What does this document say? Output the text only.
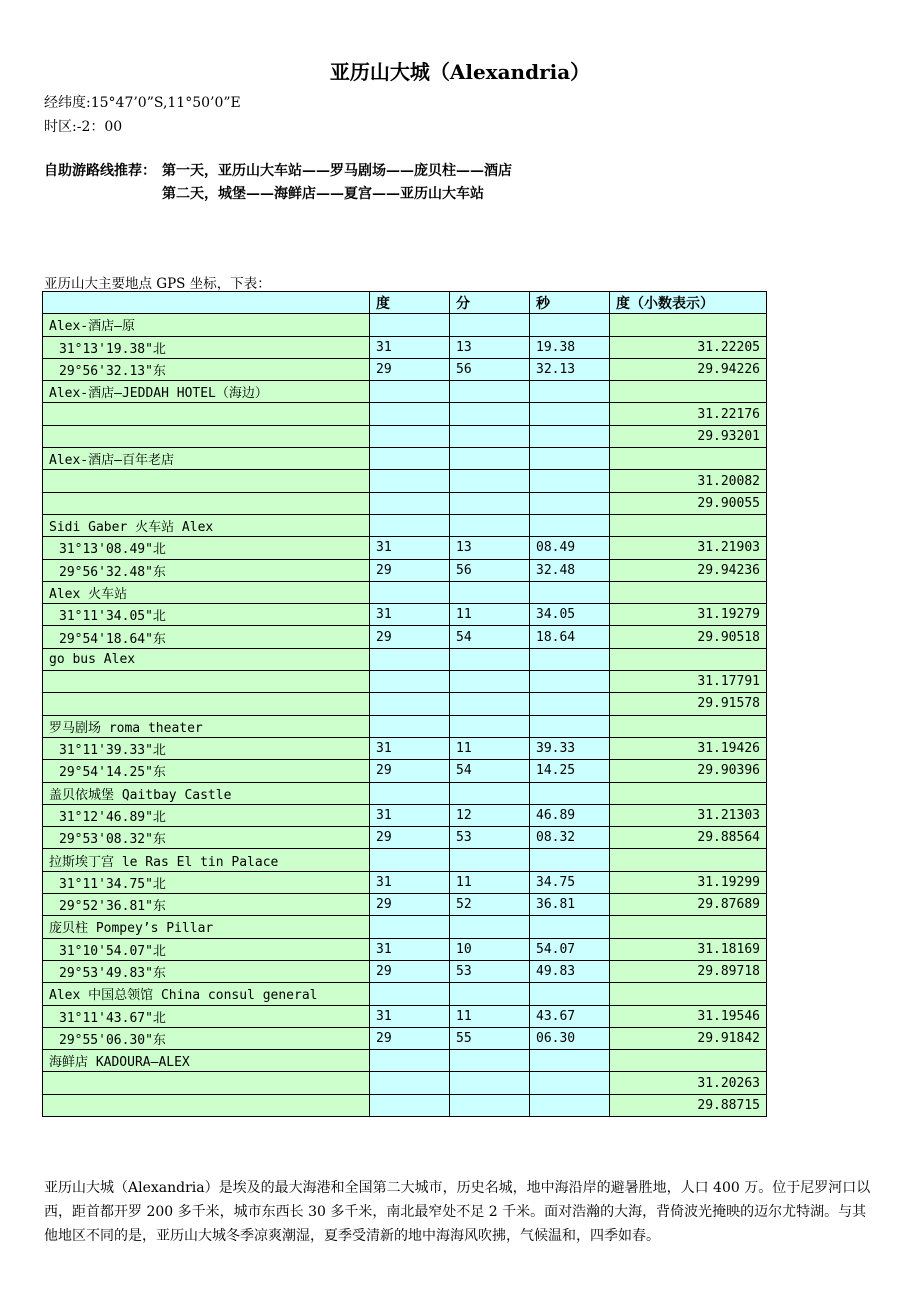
亚历山大城（Alexandria）
经纬度:15°47’0”S,11°50’0”E
时区:-2：00
自助游路线推荐： 第一天，亚历山大车站——罗马剧场——庞贝柱——酒店
第二天，城堡——海鲜店——夏宫——亚历山大车站
亚历山大主要地点 GPS 坐标，下表：
	度	分	秒	度（小数表示）
Alex-酒店—原				
31°13'19.38"北	31	13	19.38	31.22205
29°56'32.13"东	29	56	32.13	29.94226
Alex-酒店—JEDDAH HOTEL（海边）				
				31.22176
				29.93201
Alex-酒店—百年老店				
				31.20082
				29.90055
Sidi Gaber 火车站 Alex				
31°13'08.49"北	31	13	08.49	31.21903
29°56'32.48"东	29	56	32.48	29.94236
Alex 火车站				
31°11'34.05"北	31	11	34.05	31.19279
29°54'18.64"东	29	54	18.64	29.90518
go bus Alex				
				31.17791
				29.91578
罗马剧场 roma theater				
31°11'39.33"北	31	11	39.33	31.19426
29°54'14.25"东	29	54	14.25	29.90396
盖贝依城堡 Qaitbay Castle				
31°12'46.89"北	31	12	46.89	31.21303
29°53'08.32"东	29	53	08.32	29.88564
拉斯埃丁宫 le Ras El tin Palace				
31°11'34.75"北	31	11	34.75	31.19299
29°52'36.81"东	29	52	36.81	29.87689
庞贝柱 Pompey’s Pillar				
31°10'54.07"北	31	10	54.07	31.18169
29°53'49.83"东	29	53	49.83	29.89718
Alex 中国总领馆 China consul general				
31°11'43.67"北	31	11	43.67	31.19546
29°55'06.30"东	29	55	06.30	29.91842
海鲜店 KADOURA—ALEX				
				31.20263
				29.88715
亚历山大城（Alexandria）是埃及的最大海港和全国第二大城市，历史名城，地中海沿岸的避暑胜地，人口 400 万。位于尼罗河口以西，距首都开罗 200 多千米，城市东西长 30 多千米，南北最窄处不足 2 千米。面对浩瀚的大海，背倚波光掩映的迈尔尤特湖。与其他地区不同的是，亚历山大城冬季凉爽潮湿，夏季受清新的地中海海风吹拂，气候温和，四季如春。
